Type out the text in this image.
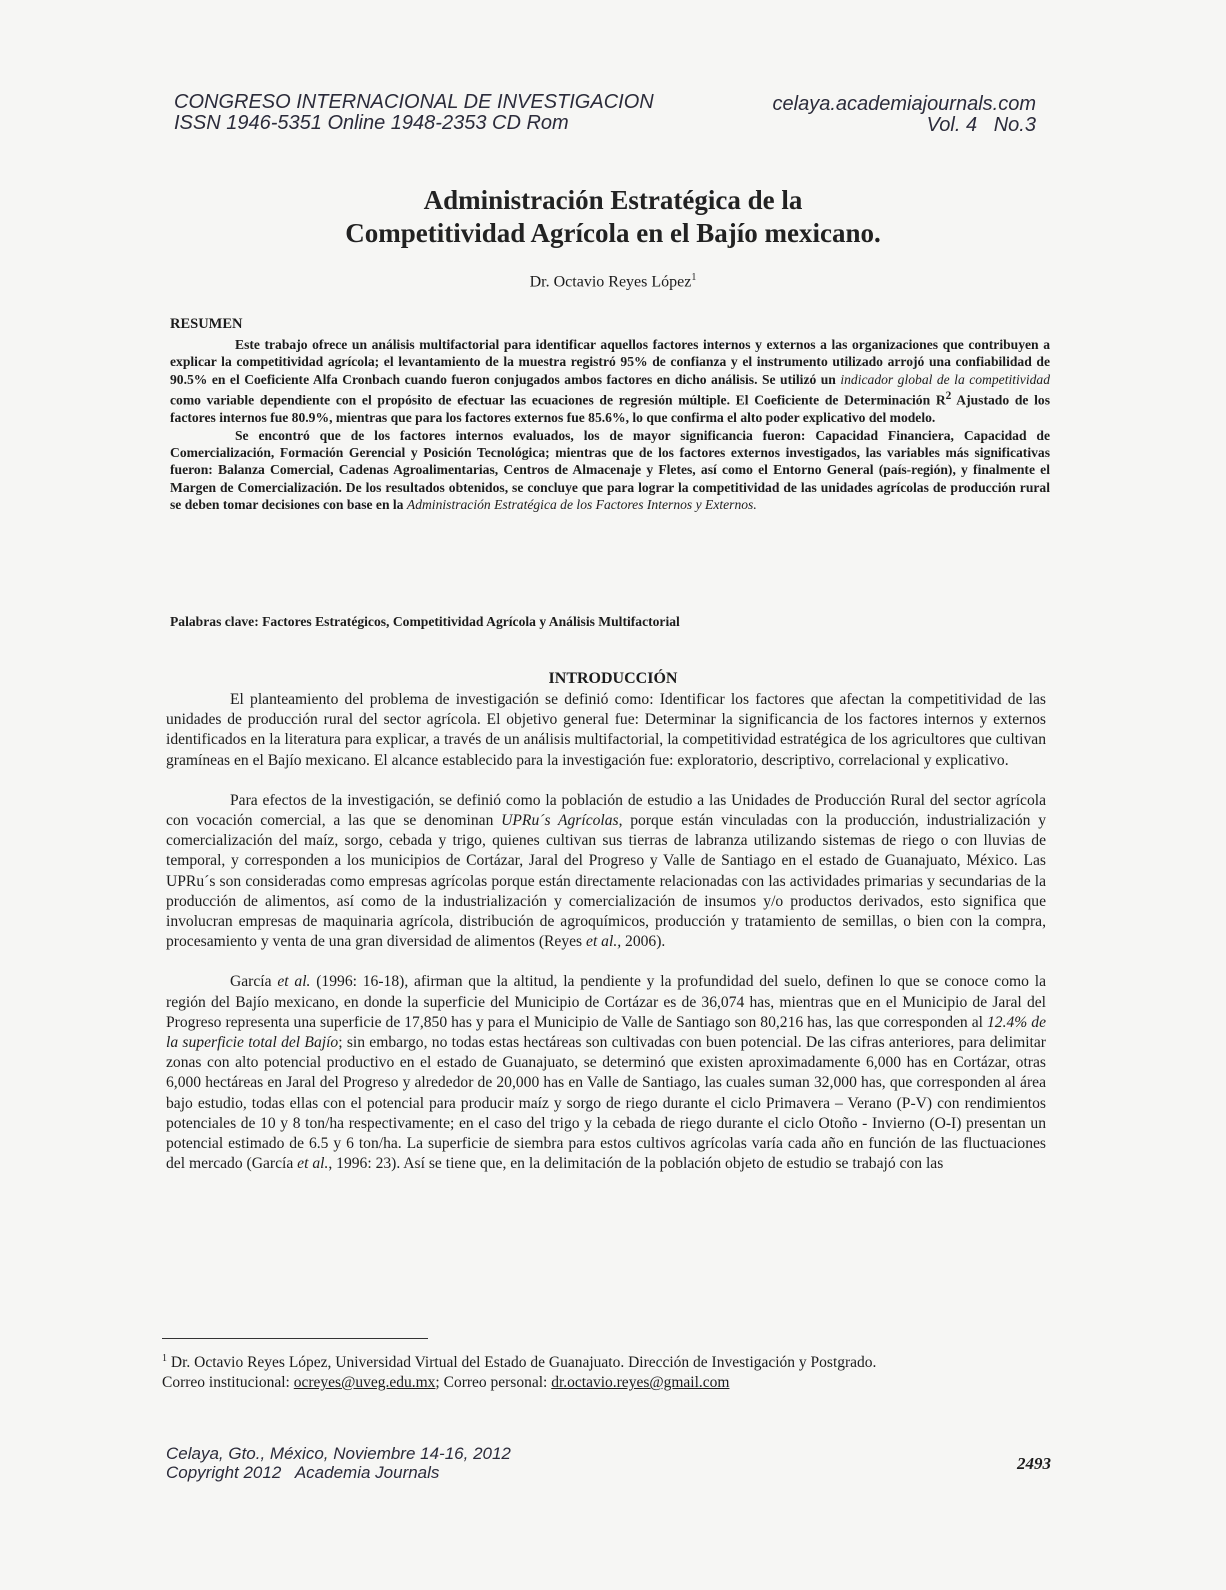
CONGRESO INTERNACIONAL DE INVESTIGACION
ISSN 1946-5351 Online 1948-2353 CD Rom
celaya.academiajournals.com
Vol. 4   No.3
Administración Estratégica de la
Competitividad Agrícola en el Bajío mexicano.
Dr. Octavio Reyes López$^1$
RESUMEN

Este trabajo ofrece un análisis multifactorial para identificar aquellos factores internos y externos a las organizaciones que contribuyen a explicar la competitividad agrícola; el levantamiento de la muestra registró 95% de confianza y el instrumento utilizado arrojó una confiabilidad de 90.5% en el Coeficiente Alfa Cronbach cuando fueron conjugados ambos factores en dicho análisis. Se utilizó un indicador global de la competitividad como variable dependiente con el propósito de efectuar las ecuaciones de regresión múltiple. El Coeficiente de Determinación $R^2$ Ajustado de los factores internos fue 80.9%, mientras que para los factores externos fue 85.6%, lo que confirma el alto poder explicativo del modelo.

Se encontró que de los factores internos evaluados, los de mayor significancia fueron: Capacidad Financiera, Capacidad de Comercialización, Formación Gerencial y Posición Tecnológica; mientras que de los factores externos investigados, las variables más significativas fueron: Balanza Comercial, Cadenas Agroalimentarias, Centros de Almacenaje y Fletes, así como el Entorno General (país-región), y finalmente el Margen de Comercialización. De los resultados obtenidos, se concluye que para lograr la competitividad de las unidades agrícolas de producción rural se deben tomar decisiones con base en la Administración Estratégica de los Factores Internos y Externos.

Palabras clave: Factores Estratégicos, Competitividad Agrícola y Análisis Multifactorial
INTRODUCCIÓN

El planteamiento del problema de investigación se definió como: Identificar los factores que afectan la competitividad de las unidades de producción rural del sector agrícola. El objetivo general fue: Determinar la significancia de los factores internos y externos identificados en la literatura para explicar, a través de un análisis multifactorial, la competitividad estratégica de los agricultores que cultivan gramíneas en el Bajío mexicano. El alcance establecido para la investigación fue: exploratorio, descriptivo, correlacional y explicativo.

Para efectos de la investigación, se definió como la población de estudio a las Unidades de Producción Rural del sector agrícola con vocación comercial, a las que se denominan UPRu´s Agrícolas, porque están vinculadas con la producción, industrialización y comercialización del maíz, sorgo, cebada y trigo, quienes cultivan sus tierras de labranza utilizando sistemas de riego o con lluvias de temporal, y corresponden a los municipios de Cortázar, Jaral del Progreso y Valle de Santiago en el estado de Guanajuato, México. Las UPRu´s son consideradas como empresas agrícolas porque están directamente relacionadas con las actividades primarias y secundarias de la producción de alimentos, así como de la industrialización y comercialización de insumos y/o productos derivados, esto significa que involucran empresas de maquinaria agrícola, distribución de agroquímicos, producción y tratamiento de semillas, o bien con la compra, procesamiento y venta de una gran diversidad de alimentos (Reyes et al., 2006).

García et al. (1996: 16-18), afirman que la altitud, la pendiente y la profundidad del suelo, definen lo que se conoce como la región del Bajío mexicano, en donde la superficie del Municipio de Cortázar es de 36,074 has, mientras que en el Municipio de Jaral del Progreso representa una superficie de 17,850 has y para el Municipio de Valle de Santiago son 80,216 has, las que corresponden al 12.4% de la superficie total del Bajío; sin embargo, no todas estas hectáreas son cultivadas con buen potencial. De las cifras anteriores, para delimitar zonas con alto potencial productivo en el estado de Guanajuato, se determinó que existen aproximadamente 6,000 has en Cortázar, otras 6,000 hectáreas en Jaral del Progreso y alrededor de 20,000 has en Valle de Santiago, las cuales suman 32,000 has, que corresponden al área bajo estudio, todas ellas con el potencial para producir maíz y sorgo de riego durante el ciclo Primavera – Verano (P-V) con rendimientos potenciales de 10 y 8 ton/ha respectivamente; en el caso del trigo y la cebada de riego durante el ciclo Otoño - Invierno (O-I) presentan un potencial estimado de 6.5 y 6 ton/ha. La superficie de siembra para estos cultivos agrícolas varía cada año en función de las fluctuaciones del mercado (García et al., 1996: 23). Así se tiene que, en la delimitación de la población objeto de estudio se trabajó con las

$^1$ Dr. Octavio Reyes López, Universidad Virtual del Estado de Guanajuato. Dirección de Investigación y Postgrado.
Correo institucional: ocreyes@uveg.edu.mx; Correo personal: dr.octavio.reyes@gmail.com
Celaya, Gto., México, Noviembre 14-16, 2012
Copyright 2012   Academia Journals	2493
